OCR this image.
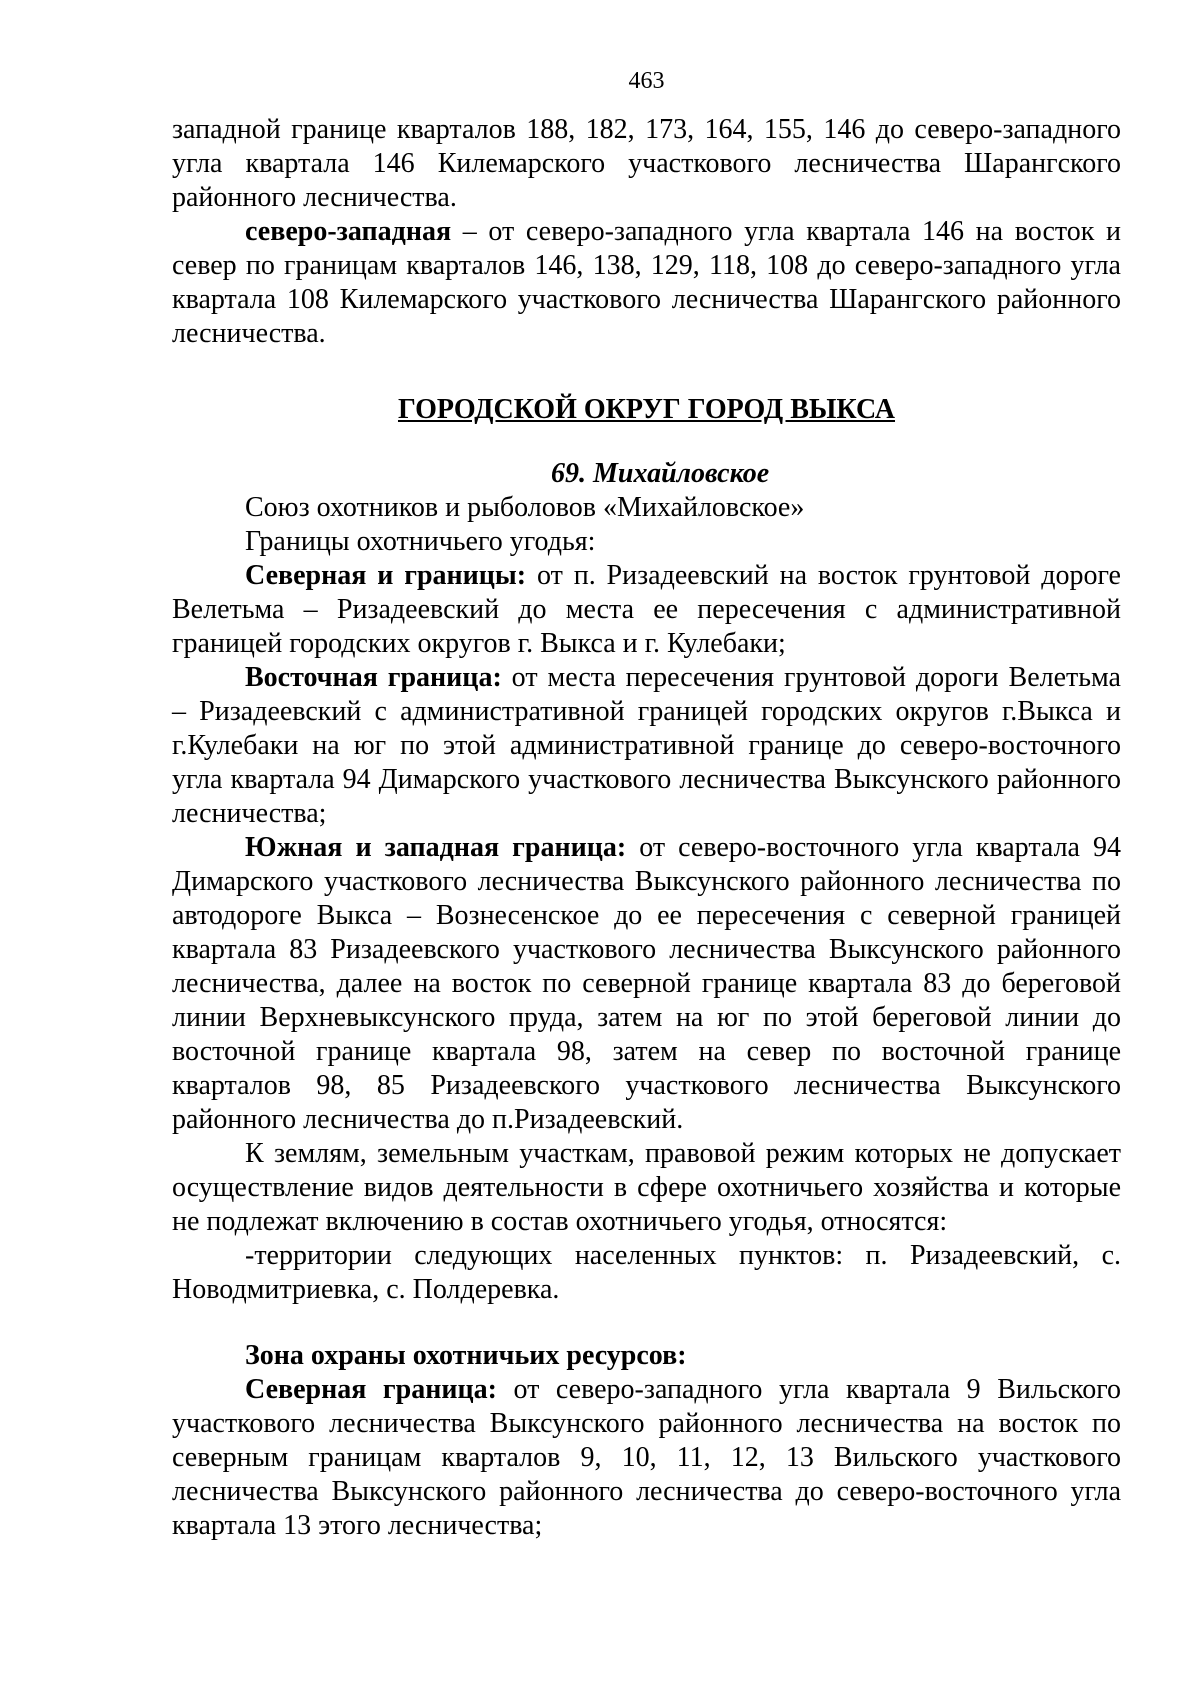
463

западной границе кварталов 188, 182, 173, 164, 155, 146 до северо-западного угла квартала 146 Килемарского участкового лесничества Шарангского районного лесничества.

северо-западная – от северо-западного угла квартала 146 на восток и север по границам кварталов 146, 138, 129, 118, 108 до северо-западного угла квартала 108 Килемарского участкового лесничества Шарангского районного лесничества.

ГОРОДСКОЙ ОКРУГ ГОРОД ВЫКСА

69. Михайловское

Союз охотников и рыболовов «Михайловское»

Границы охотничьего угодья:

Северная и границы: от п. Ризадеевский на восток грунтовой дороге Велетьма – Ризадеевский до места ее пересечения с административной границей городских округов г. Выкса и г. Кулебаки;

Восточная граница: от места пересечения грунтовой дороги Велетьма – Ризадеевский с административной границей городских округов г.Выкса и г.Кулебаки на юг по этой административной границе до северо-восточного угла квартала 94 Димарского участкового лесничества Выксунского районного лесничества;

Южная и западная граница: от северо-восточного угла квартала 94 Димарского участкового лесничества Выксунского районного лесничества по автодороге Выкса – Вознесенское до ее пересечения с северной границей квартала 83 Ризадеевского участкового лесничества Выксунского районного лесничества, далее на восток по северной границе квартала 83 до береговой линии Верхневыксунского пруда, затем на юг по этой береговой линии до восточной границе квартала 98, затем на север по восточной границе кварталов 98, 85 Ризадеевского участкового лесничества Выксунского районного лесничества до п.Ризадеевский.

К землям, земельным участкам, правовой режим которых не допускает осуществление видов деятельности в сфере охотничьего хозяйства и которые не подлежат включению в состав охотничьего угодья, относятся:

-территории следующих населенных пунктов: п. Ризадеевский, с. Новодмитриевка, с. Полдеревка.

Зона охраны охотничьих ресурсов:

Северная граница: от северо-западного угла квартала 9 Вильского участкового лесничества Выксунского районного лесничества на восток по северным границам кварталов 9, 10, 11, 12, 13 Вильского участкового лесничества Выксунского районного лесничества до северо-восточного угла квартала 13 этого лесничества;
